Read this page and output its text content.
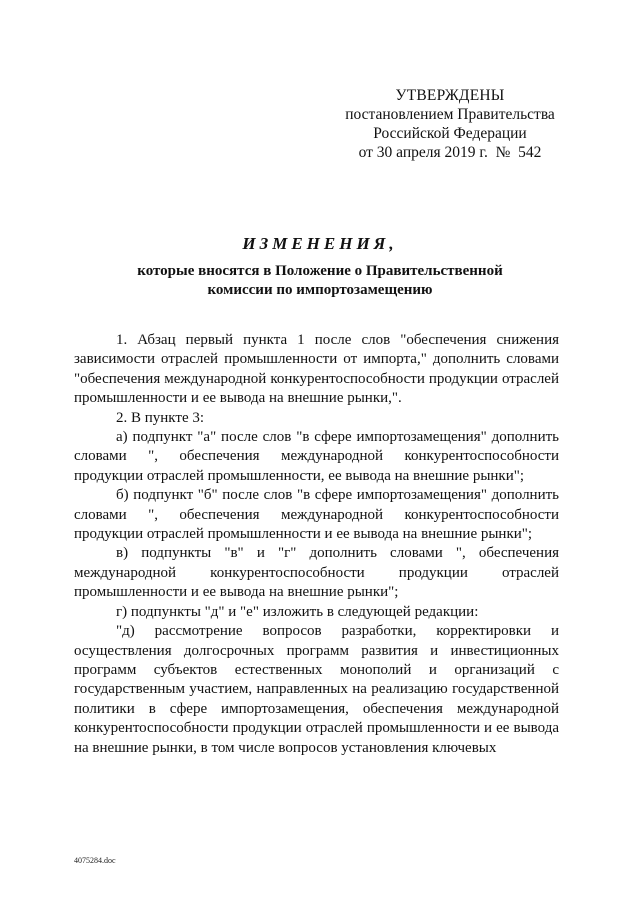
УТВЕРЖДЕНЫ
постановлением Правительства
Российской Федерации
от 30 апреля 2019 г.  №  542
ИЗМЕНЕНИЯ,
которые вносятся в Положение о Правительственной
комиссии по импортозамещению

1. Абзац первый пункта 1 после слов "обеспечения снижения зависимости отраслей промышленности от импорта," дополнить словами "обеспечения международной конкурентоспособности продукции отраслей промышленности и ее вывода на внешние рынки,".

2. В пункте 3:

а) подпункт "а" после слов "в сфере импортозамещения" дополнить словами ", обеспечения международной конкурентоспособности продукции отраслей промышленности, ее вывода на внешние рынки";

б) подпункт "б" после слов "в сфере импортозамещения" дополнить словами ", обеспечения международной конкурентоспособности продукции отраслей промышленности и ее вывода на внешние рынки";

в) подпункты "в" и "г" дополнить словами ", обеспечения международной конкурентоспособности продукции отраслей промышленности и ее вывода на внешние рынки";

г) подпункты "д" и "е" изложить в следующей редакции:

"д) рассмотрение вопросов разработки, корректировки и осуществления долгосрочных программ развития и инвестиционных программ субъектов естественных монополий и организаций с государственным участием, направленных на реализацию государственной политики в сфере импортозамещения, обеспечения международной конкурентоспособности продукции отраслей промышленности и ее вывода на внешние рынки, в том числе вопросов установления ключевых

4075284.doc
